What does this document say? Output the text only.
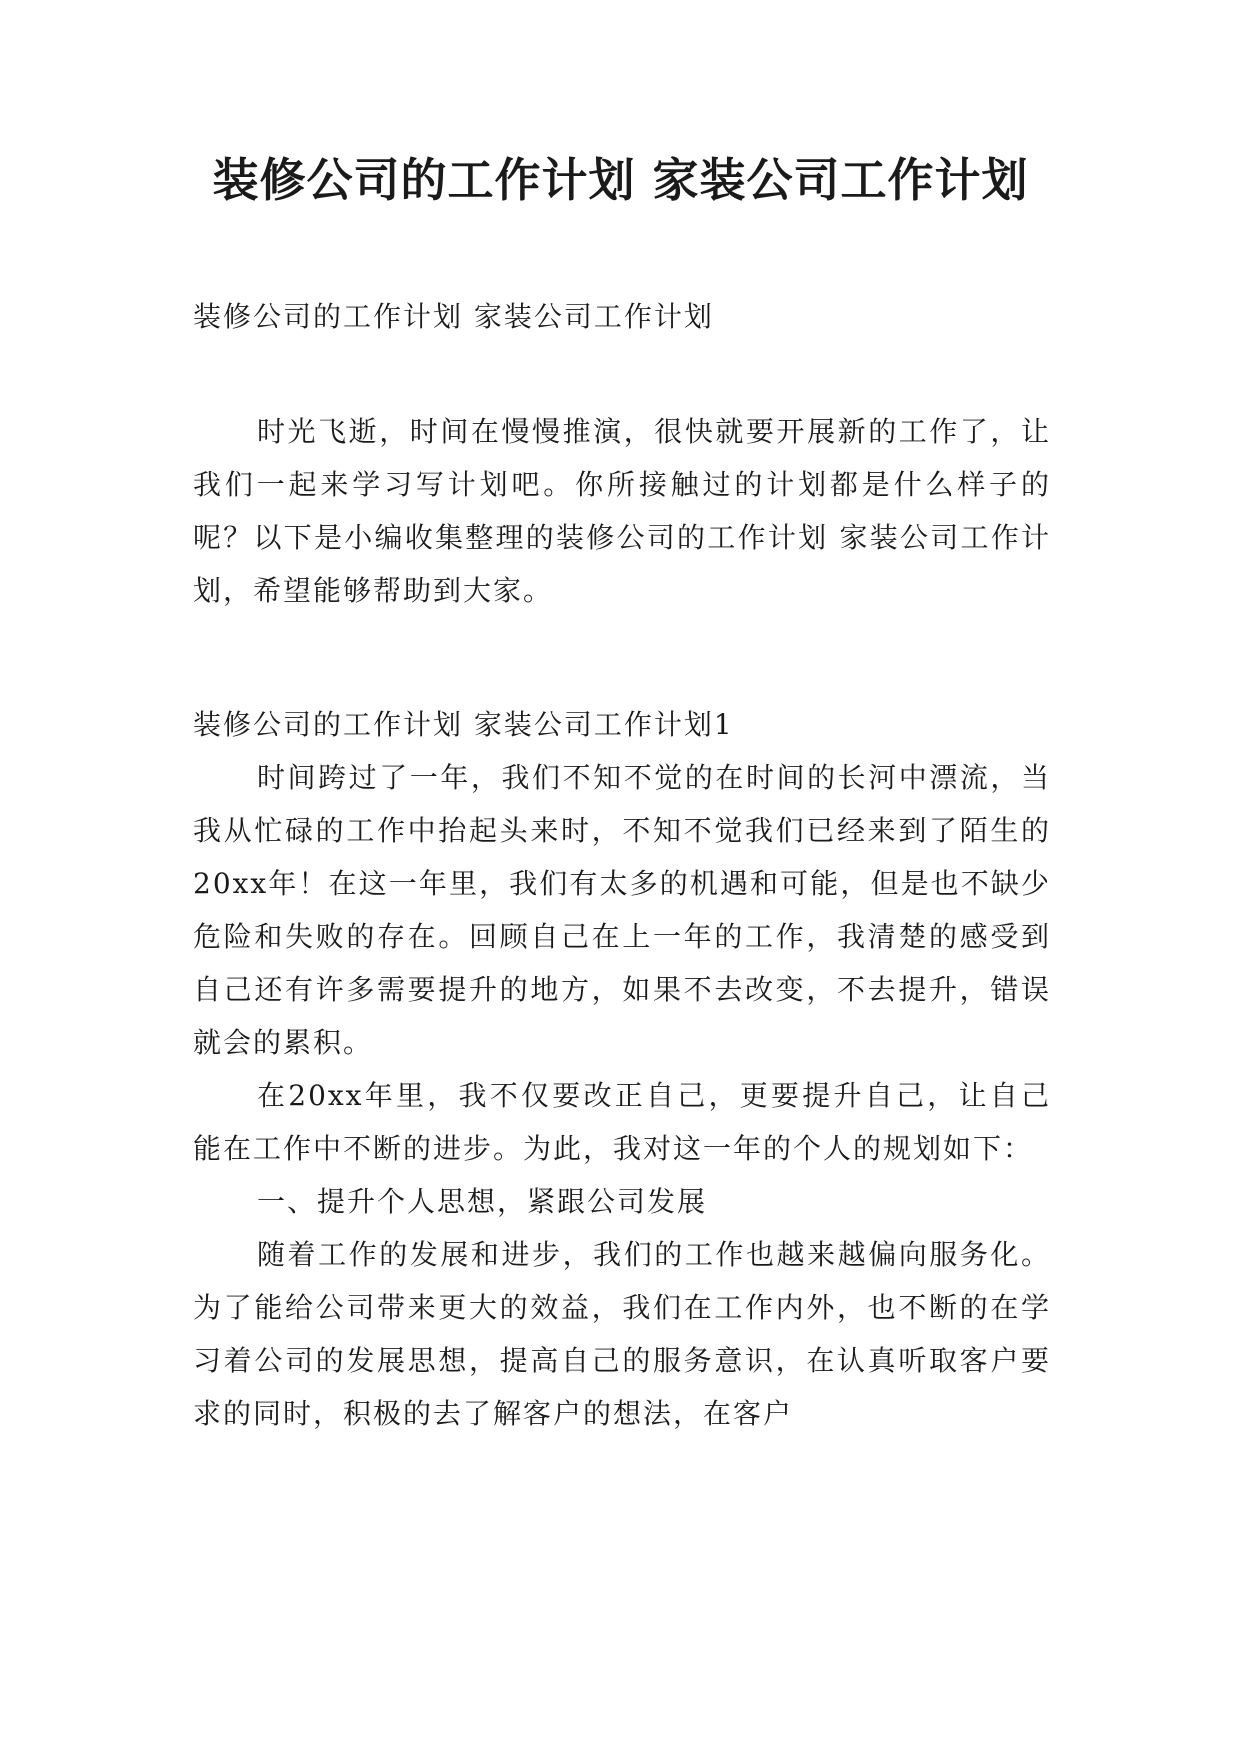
装修公司的工作计划 家装公司工作计划
装修公司的工作计划 家装公司工作计划
时光飞逝，时间在慢慢推演，很快就要开展新的工作了，让我们一起来学习写计划吧。你所接触过的计划都是什么样子的呢？以下是小编收集整理的装修公司的工作计划 家装公司工作计划，希望能够帮助到大家。
装修公司的工作计划 家装公司工作计划1

时间跨过了一年，我们不知不觉的在时间的长河中漂流，当我从忙碌的工作中抬起头来时，不知不觉我们已经来到了陌生的20xx年！在这一年里，我们有太多的机遇和可能，但是也不缺少危险和失败的存在。回顾自己在上一年的工作，我清楚的感受到自己还有许多需要提升的地方，如果不去改变，不去提升，错误就会的累积。

在20xx年里，我不仅要改正自己，更要提升自己，让自己能在工作中不断的进步。为此，我对这一年的个人的规划如下：

一、提升个人思想，紧跟公司发展

随着工作的发展和进步，我们的工作也越来越偏向服务化。为了能给公司带来更大的效益，我们在工作内外，也不断的在学习着公司的发展思想，提高自己的服务意识，在认真听取客户要求的同时，积极的去了解客户的想法，在客户
